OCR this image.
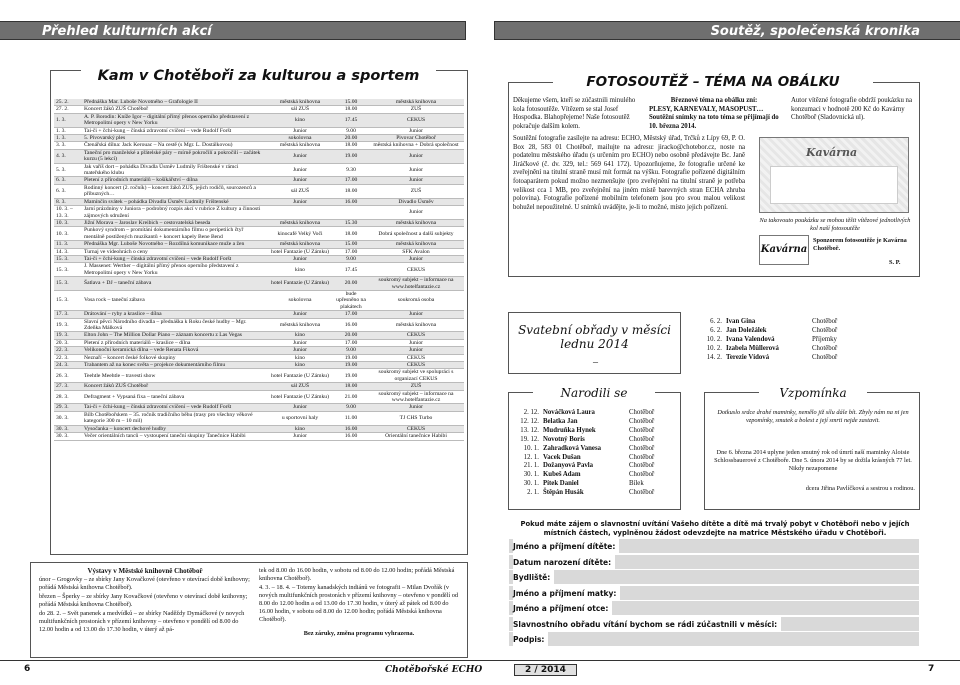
Přehled kulturních akcí	Soutěž, společenská kronika
Kam v Chotěboři za kulturou a sportem
25. 2.	Přednáška Mar. Luboše Novotného – Grafologie II	městská knihovna	15.00	městská knihovna
27. 2.	Koncert žáků ZUŠ Chotěboř	sál ZUŠ	18.00	ZUŠ
1. 3.	A. P. Borodin: Kníže Igor – digitální přímý přenos operního představení z Metropolitní opery v New Yorku	kino	17.45	CEKUS
1. 3.	Tai-či + čchi-kung – čínská zdravotní cvičení – vede Rudolf Foršt	Junior	9.00	Junior
1. 3.	5. Pivovarský ples	sokolovna	20.00	Pivovar Chotěboř
3. 3.	Čtenářská dílna: Jack Kerouac – Na cestě (s Mgr. L. Dostálkovou)	městská knihovna	18.00	městská knihovna + Dobrá společnost
4. 3.	Taneční pro manželské a přátelské páry – mírně pokročilí a pokročilí – začátek kurzu (5 lekcí)	Junior	19.00	Junior
5. 3.	Jak vaříš dort – pohádka Divadla Úsměv Ludmily Frištenské v rámci mateřského klubu	Junior	9.30	Junior
6. 3.	Pletení z přírodních materiálů – košíkářství – dílna	Junior	17.00	Junior
6. 3.	Rodinný koncert (2. ročník) – koncert žáků ZUŠ, jejich rodičů, sourozenců a příbuzných…	sál ZUŠ	18.00	ZUŠ
8. 3.	Mamínčin svátek – pohádka Divadla Úsměv Ludmily Frištenské	Junior	16.00	Divadlo Úsměv
10. 3. – 13. 3.	Jarní prázdniny v Juniora – podrobný rozpis akcí v rubrice Z kultury a činnosti zájmových sdružení			Junior
10. 3.	Jižní Morava – Jaroslav Kreibich – cestovatelská beseda	městská knihovna	15.30	městská knihovna
10. 3.	Punkový syndrom – promítání dokumentárního filmu o peripetiích čtyř mentálně postižených muzikantů + koncert kapely Bene Bend	kinocafé Velký Voči	18.00	Dobrá společnost a další subjekty
11. 3.	Přednáška Mgr. Luboše Novotného – Rozdílná komunikace muže a žen	městská knihovna	15.00	městská knihovna
14. 3.	Turnaj ve videohrách o ceny	hotel Fantazie (U Zámku)	17.00	SFK Avalon
15. 3.	Tai-či + čchi-kung – čínská zdravotní cvičení – vede Rudolf Foršt	Junior	9.00	Junior
15. 3.	J. Massenet: Werther – digitální přímý přenos operního představení z Metropolitní opery v New Yorku	kino	17.45	CEKUS
15. 3.	Šatlava + DJ – taneční zábava	hotel Fantazie (U Zámku)	20.00	soukromý subjekt – informace na www.hotelfantazie.cz
15. 3.	Vosa rock – taneční zábava	sokolovna	bude upřesněno na plakátech	soukromá osoba
17. 3.	Drátování – ryby a kraslice – dílna	Junior	17.00	Junior
19. 3.	Slavní pěvci Národního divadla – přednáška k Roku české hudby – Mgr. Zdeňka Málková	městská knihovna	16.00	městská knihovna
19. 3.	Elton John – The Million Dollar Piano – záznam koncertu z Las Vegas	kino	20.00	CEKUS
20. 3.	Pletení z přírodních materiálů – kraslice – dílna	Junior	17.00	Junior
22. 3.	Velikonoční keramická dílna – vede Renata Fiková	Junior	9.00	Junior
22. 3.	Neznaří – koncert české folkové skupiny	kino	19.00	CEKUS
24. 3.	Trabantem až na konec světa – projekce dokumentárního filmu	kino	19.00	CEKUS
26. 3.	Teehtle Meehtle – travesti show	hotel Fantazie (U Zámku)	19.00	soukromý subjekt ve spolupráci s organizací CEKUS
27. 3.	Koncert žáků ZUŠ Chotěboř	sál ZUŠ	18.00	ZUŠ
28. 3.	Defragment + Vypsaná fixa – taneční zábava	hotel Fantazie (U Zámku)	21.00	soukromý subjekt – informace na www.hotelfantazie.cz
29. 3.	Tai-či + čchi-kung – čínská zdravotní cvičení – vede Rudolf Foršt	Junior	9.00	Junior
30. 3.	Bílb Chotěbořskem – 35. ročník tradičního běhu (trasy pro všechny věkové kategorie 300 m – 10 mil)	u sportovní haly	11.00	TJ CHS Turbo
30. 3.	Vysočanka – koncert dechové hudby	kino	16.00	CEKUS
30. 3.	Večer orientálních tanců – vystoupení taneční skupiny Tanečnice Habibi	Junior	16.00	Orientální tanečnice Habibi
Výstavy v Městské knihovně Chotěboř
únor – Grogovky – ze sbírky Jany Kovačkové (otevřeno v otevírací době knihovny; pořádá Městská knihovna Chotěboř).
březen – Šperky – ze sbírky Jany Kovačkové (otevřeno v otevírací době knihovny; pořádá Městská knihovna Chotěboř).
do 28. 2. – Svět panenek a medvídků – ze sbírky Naděždy Dymáčkové (v novych multifunkčních prostorách v přízemí knihovny – otevřeno v pondělí od 8.00 do 12.00 hodin a od 13.00 do 17.30 hodin, v úterý až pá-
tek od 8.00 do 16.00 hodin, v sobotu od 8.00 do 12.00 hodin; pořádá Městská knihovna Chotěboř).
4. 3. – 18. 4. – Totemy kanadských indiánů ve fotografii – Milan Dvořák (v nových multifunkčních prostorách v přízemí knihovny – otevřeno v pondělí od 8.00 do 12.00 hodin a od 13.00 do 17.30 hodin, v úterý až pátek od 8.00 do 16.00 hodin, v sobotu od 8.00 do 12.00 hodin; pořádá Městská knihovna Chotěboř).
Bez záruky, změna programu vyhrazena.
FOTOSOUTĚŽ – TÉMA NA OBÁLKU
Děkujeme všem, kteří se zúčastnili minulého kola fotosoutěže. Vítězem se stal Josef Hospodka. Blahopřejeme! Naše fotosoutěž pokračuje dalším kolem.
Březnové téma na obálku zní:
PLESY, KARNEVALY, MASOPUST…
Soutěžní snímky na toto téma se přijímají do 10. března 2014.
Autor vítězné fotografie obdrží poukázku na konzumaci v hodnotě 200 Kč do Kavárny Chotěboř (Sladovnická ul).
Soutěžní fotografie zasílejte na adresu: ECHO, Městský úřad, Trčků z Lípy 69, P. O. Box 28, 583 01 Chotěboř, mailujte na adresu: jiracko@chotebor.cz, noste na podatelnu městského úřadu (s určením pro ECHO) nebo osobně předávejte Bc. Janě Jiráčkové (č. dv. 329, tel.: 569 641 172). Upozorňujeme, že fotografie určené ke zveřejnění na titulní straně musí mít formát na výšku. Fotografie pořízené digitálním fotoaparátem pokud možno nezmenšujte (pro zveřejnění na titulní straně je potřeba velikost cca 1 MB, pro zveřejnění na jiném místě barevných stran ECHA zhruba polovina). Fotografie pořízené mobilním telefonem jsou pro svou malou velikost bohužel nepoužitelné. U snímků uvádějte, je-li to možné, místo jejich pořízení.
Kavárna
Na takovouto poukázku se mohou těšit vítězové jednotlivých kol naší fotosoutěže
Kavárna
Sponzorem fotosoutěže je Kavárna Chotěboř.
S. P.
Svatební obřady v měsíci lednu 2014
–
Narodili se
2. 12.	Nováčková Laura	Chotěboř
12. 12.	Belatka Jan	Chotěboř
13. 12.	Mudruňka Hynek	Chotěboř
19. 12.	Novotný Boris	Chotěboř
10. 1.	Zahradková Vanesa	Chotěboř
12. 1.	Vacek Dušan	Chotěboř
21. 1.	Dožanyová Pavla	Chotěboř
30. 1.	Kubeš Adam	Chotěboř
30. 1.	Pítek Daniel	Bílek
2. 1.	Štěpán Husák	Chotěboř
6. 2.	Ivan Gina	Chotěboř
6. 2.	Jan Doležálek	Chotěboř
10. 2.	Ivana Valendová	Příjemky
10. 2.	Izabela Müllerová	Chotěboř
14. 2.	Terezie Vídová	Chotěboř
Vzpomínka
Dotkuslo srdce drahé maminky, nemělo již sílu dále bít. Zbyly nám na ni jen vzpomínky, smutek a bolest z její smrti nejde zastavit.
Dne 6. března 2014 uplyne jeden smutný rok od úmrtí naší maminky Aloisie Schlossbauerové z Chotěboře. Dne 5. února 2014 by se dožila krásných 77 let. Nikdy nezapomene
dcera Jiřina Pavlíčková a sestrou s rodinou.
Pokud máte zájem o slavnostní uvítání Vašeho dítěte a dítě má trvalý pobyt v Chotěboři nebo v jejích místních částech, vyplněnou žádost odevzdejte na matrice Městského úřadu v Chotěboři.
Jméno a příjmení dítěte:
Datum narození dítěte:
Bydliště:
Jméno a příjmení matky:
Jméno a příjmení otce:
Slavnostního obřadu vítání bychom se rádi zúčastnili v měsíci:
Podpis:
6	Chotěbořské ECHO	2 / 2014	7
